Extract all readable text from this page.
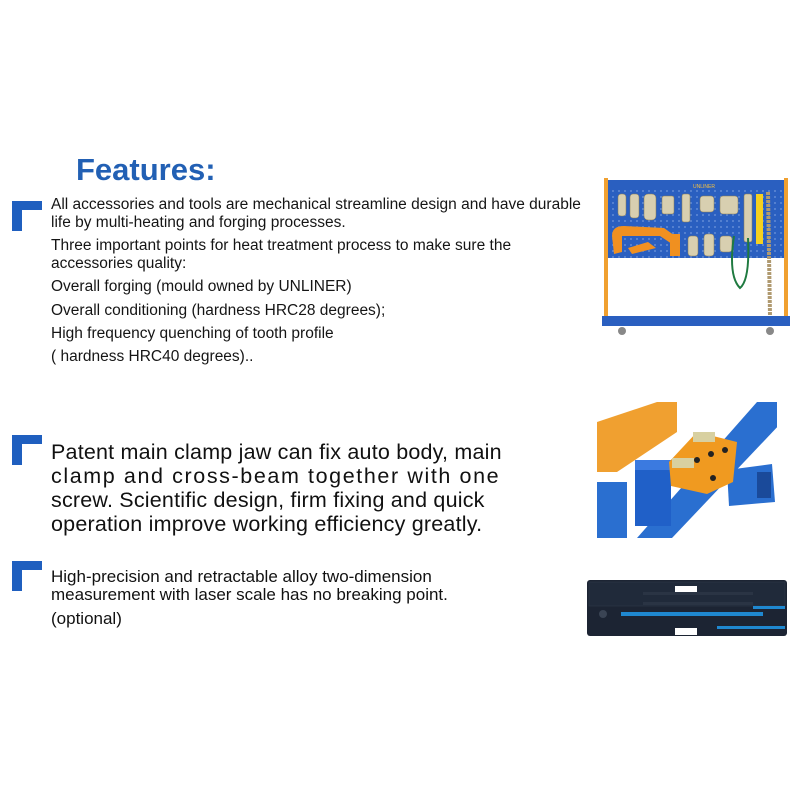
Features:
All accessories and tools are mechanical streamline design and have durable life by multi-heating and forging processes.
Three important points for heat treatment process to make sure the accessories quality:
Overall forging (mould owned by UNLINER)
Overall conditioning (hardness HRC28 degrees);
High frequency quenching of tooth profile
( hardness HRC40 degrees)..
UNLINER

Patent main clamp jaw can fix auto body, main

clamp and cross-beam together with one

screw. Scientific design, firm fixing and quick

operation improve working efficiency greatly.

High-precision and retractable alloy two-dimension

measurement with laser scale has no breaking point.

(optional)
